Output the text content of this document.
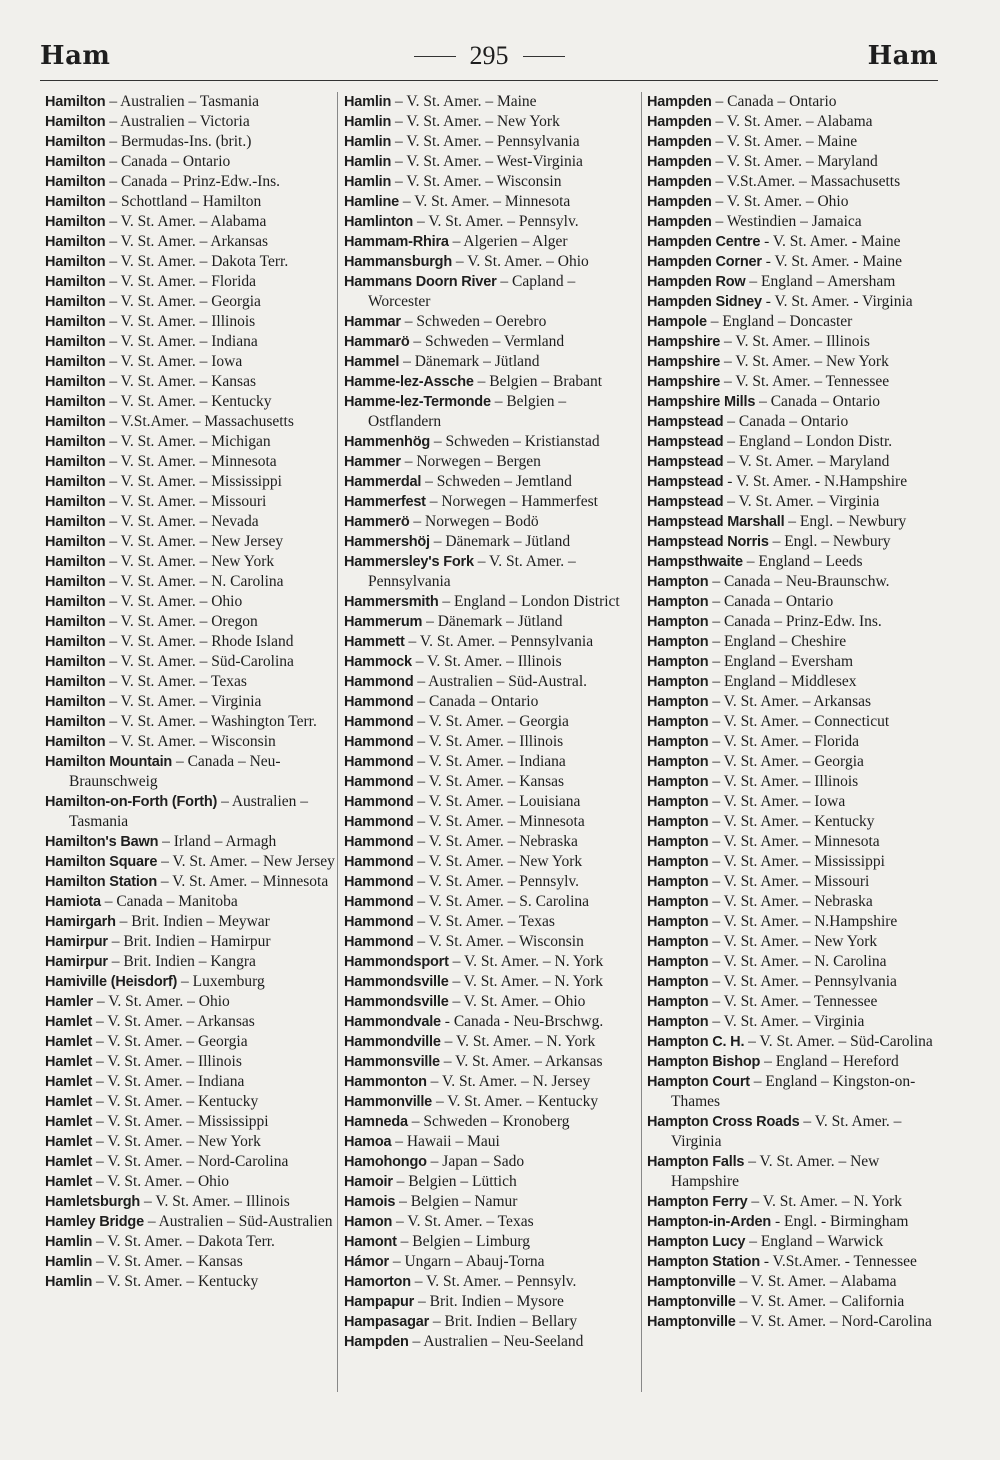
Ham	295	Ham
Hamilton – Australien – Tasmania
Hamilton – Australien – Victoria
Hamilton – Bermudas-Ins. (brit.)
Hamilton – Canada – Ontario
Hamilton – Canada – Prinz-Edw.-Ins.
Hamilton – Schottland – Hamilton
Hamilton – V. St. Amer. – Alabama
Hamilton – V. St. Amer. – Arkansas
Hamilton – V. St. Amer. – Dakota Terr.
Hamilton – V. St. Amer. – Florida
Hamilton – V. St. Amer. – Georgia
Hamilton – V. St. Amer. – Illinois
Hamilton – V. St. Amer. – Indiana
Hamilton – V. St. Amer. – Iowa
Hamilton – V. St. Amer. – Kansas
Hamilton – V. St. Amer. – Kentucky
Hamilton – V.St.Amer. – Massachusetts
Hamilton – V. St. Amer. – Michigan
Hamilton – V. St. Amer. – Minnesota
Hamilton – V. St. Amer. – Mississippi
Hamilton – V. St. Amer. – Missouri
Hamilton – V. St. Amer. – Nevada
Hamilton – V. St. Amer. – New Jersey
Hamilton – V. St. Amer. – New York
Hamilton – V. St. Amer. – N. Carolina
Hamilton – V. St. Amer. – Ohio
Hamilton – V. St. Amer. – Oregon
Hamilton – V. St. Amer. – Rhode Island
Hamilton – V. St. Amer. – Süd-Carolina
Hamilton – V. St. Amer. – Texas
Hamilton – V. St. Amer. – Virginia
Hamilton – V. St. Amer. – Washington Terr.
Hamilton – V. St. Amer. – Wisconsin
Hamilton Mountain – Canada – Neu-Braunschweig
Hamilton-on-Forth (Forth) – Australien – Tasmania
Hamilton's Bawn – Irland – Armagh
Hamilton Square – V. St. Amer. – New Jersey
Hamilton Station – V. St. Amer. – Minnesota
Hamiota – Canada – Manitoba
Hamirgarh – Brit. Indien – Meywar
Hamirpur – Brit. Indien – Hamirpur
Hamirpur – Brit. Indien – Kangra
Hamiville (Heisdorf) – Luxemburg
Hamler – V. St. Amer. – Ohio
Hamlet – V. St. Amer. – Arkansas
Hamlet – V. St. Amer. – Georgia
Hamlet – V. St. Amer. – Illinois
Hamlet – V. St. Amer. – Indiana
Hamlet – V. St. Amer. – Kentucky
Hamlet – V. St. Amer. – Mississippi
Hamlet – V. St. Amer. – New York
Hamlet – V. St. Amer. – Nord-Carolina
Hamlet – V. St. Amer. – Ohio
Hamletsburgh – V. St. Amer. – Illinois
Hamley Bridge – Australien – Süd-Australien
Hamlin – V. St. Amer. – Dakota Terr.
Hamlin – V. St. Amer. – Kansas
Hamlin – V. St. Amer. – Kentucky
Hamlin – V. St. Amer. – Maine
Hamlin – V. St. Amer. – New York
Hamlin – V. St. Amer. – Pennsylvania
Hamlin – V. St. Amer. – West-Virginia
Hamlin – V. St. Amer. – Wisconsin
Hamline – V. St. Amer. – Minnesota
Hamlinton – V. St. Amer. – Pennsylv.
Hammam-Rhira – Algerien – Alger
Hammansburgh – V. St. Amer. – Ohio
Hammans Doorn River – Capland – Worcester
Hammar – Schweden – Oerebro
Hammarö – Schweden – Vermland
Hammel – Dänemark – Jütland
Hamme-lez-Assche – Belgien – Brabant
Hamme-lez-Termonde – Belgien – Ostflandern
Hammenhög – Schweden – Kristianstad
Hammer – Norwegen – Bergen
Hammerdal – Schweden – Jemtland
Hammerfest – Norwegen – Hammerfest
Hammerö – Norwegen – Bodö
Hammershöj – Dänemark – Jütland
Hammersley's Fork – V. St. Amer. – Pennsylvania
Hammersmith – England – London District
Hammerum – Dänemark – Jütland
Hammett – V. St. Amer. – Pennsylvania
Hammock – V. St. Amer. – Illinois
Hammond – Australien – Süd-Austral.
Hammond – Canada – Ontario
Hammond – V. St. Amer. – Georgia
Hammond – V. St. Amer. – Illinois
Hammond – V. St. Amer. – Indiana
Hammond – V. St. Amer. – Kansas
Hammond – V. St. Amer. – Louisiana
Hammond – V. St. Amer. – Minnesota
Hammond – V. St. Amer. – Nebraska
Hammond – V. St. Amer. – New York
Hammond – V. St. Amer. – Pennsylv.
Hammond – V. St. Amer. – S. Carolina
Hammond – V. St. Amer. – Texas
Hammond – V. St. Amer. – Wisconsin
Hammondsport – V. St. Amer. – N. York
Hammondsville – V. St. Amer. – N. York
Hammondsville – V. St. Amer. – Ohio
Hammondvale - Canada - Neu-Brschwg.
Hammondville – V. St. Amer. – N. York
Hammonsville – V. St. Amer. – Arkansas
Hammonton – V. St. Amer. – N. Jersey
Hammonville – V. St. Amer. – Kentucky
Hamneda – Schweden – Kronoberg
Hamoa – Hawaii – Maui
Hamohongo – Japan – Sado
Hamoir – Belgien – Lüttich
Hamois – Belgien – Namur
Hamon – V. St. Amer. – Texas
Hamont – Belgien – Limburg
Hámor – Ungarn – Abauj-Torna
Hamorton – V. St. Amer. – Pennsylv.
Hampapur – Brit. Indien – Mysore
Hampasagar – Brit. Indien – Bellary
Hampden – Australien – Neu-Seeland
Hampden – Canada – Ontario
Hampden – V. St. Amer. – Alabama
Hampden – V. St. Amer. – Maine
Hampden – V. St. Amer. – Maryland
Hampden – V.St.Amer. – Massachusetts
Hampden – V. St. Amer. – Ohio
Hampden – Westindien – Jamaica
Hampden Centre - V. St. Amer. - Maine
Hampden Corner - V. St. Amer. - Maine
Hampden Row – England – Amersham
Hampden Sidney - V. St. Amer. - Virginia
Hampole – England – Doncaster
Hampshire – V. St. Amer. – Illinois
Hampshire – V. St. Amer. – New York
Hampshire – V. St. Amer. – Tennessee
Hampshire Mills – Canada – Ontario
Hampstead – Canada – Ontario
Hampstead – England – London Distr.
Hampstead – V. St. Amer. – Maryland
Hampstead - V. St. Amer. - N.Hampshire
Hampstead – V. St. Amer. – Virginia
Hampstead Marshall – Engl. – Newbury
Hampstead Norris – Engl. – Newbury
Hampsthwaite – England – Leeds
Hampton – Canada – Neu-Braunschw.
Hampton – Canada – Ontario
Hampton – Canada – Prinz-Edw. Ins.
Hampton – England – Cheshire
Hampton – England – Eversham
Hampton – England – Middlesex
Hampton – V. St. Amer. – Arkansas
Hampton – V. St. Amer. – Connecticut
Hampton – V. St. Amer. – Florida
Hampton – V. St. Amer. – Georgia
Hampton – V. St. Amer. – Illinois
Hampton – V. St. Amer. – Iowa
Hampton – V. St. Amer. – Kentucky
Hampton – V. St. Amer. – Minnesota
Hampton – V. St. Amer. – Mississippi
Hampton – V. St. Amer. – Missouri
Hampton – V. St. Amer. – Nebraska
Hampton – V. St. Amer. – N.Hampshire
Hampton – V. St. Amer. – New York
Hampton – V. St. Amer. – N. Carolina
Hampton – V. St. Amer. – Pennsylvania
Hampton – V. St. Amer. – Tennessee
Hampton – V. St. Amer. – Virginia
Hampton C. H. – V. St. Amer. – Süd-Carolina
Hampton Bishop – England – Hereford
Hampton Court – England – Kingston-on-Thames
Hampton Cross Roads – V. St. Amer. – Virginia
Hampton Falls – V. St. Amer. – New Hampshire
Hampton Ferry – V. St. Amer. – N. York
Hampton-in-Arden - Engl. - Birmingham
Hampton Lucy – England – Warwick
Hampton Station - V.St.Amer. - Tennessee
Hamptonville – V. St. Amer. – Alabama
Hamptonville – V. St. Amer. – California
Hamptonville – V. St. Amer. – Nord-Carolina
